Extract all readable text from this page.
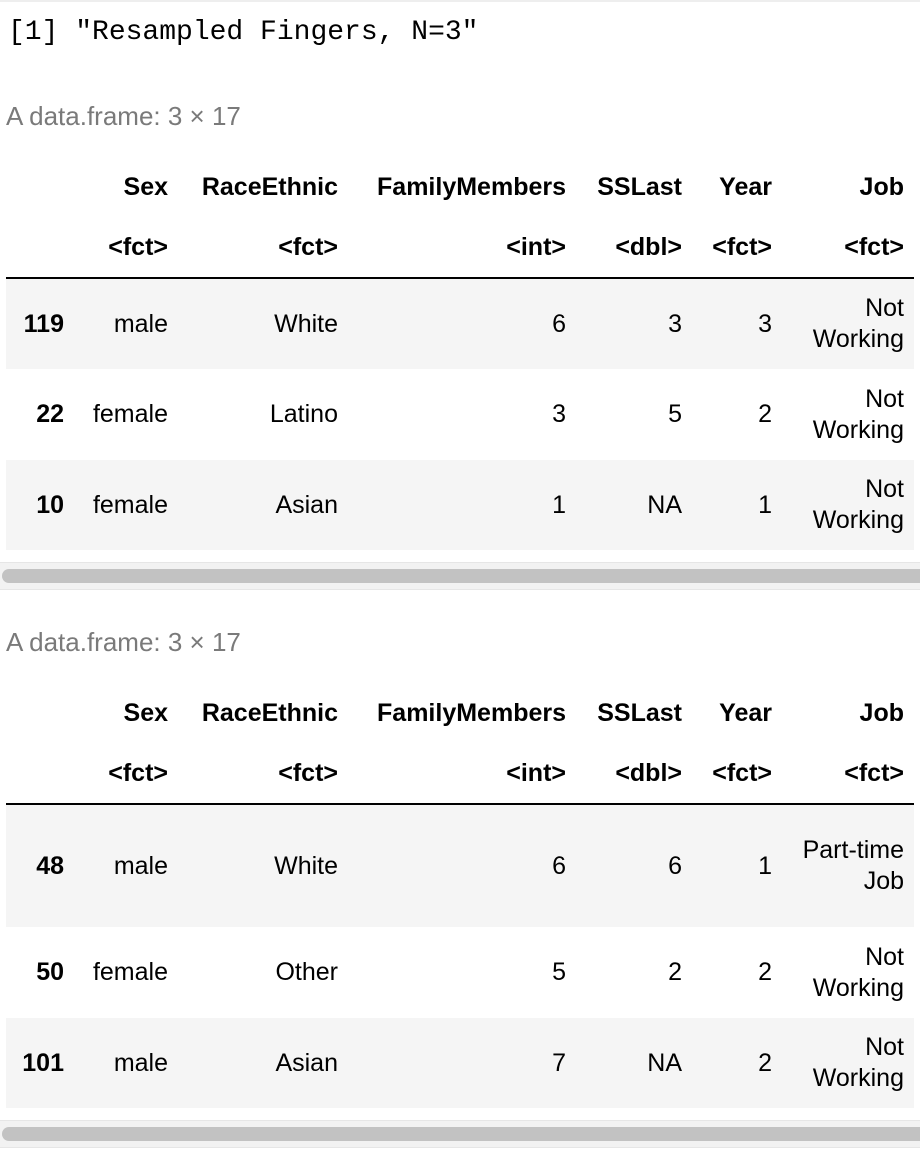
[1] "Resampled Fingers, N=3"
A data.frame: 3 × 17
	Sex	RaceEthnic	FamilyMembers	SSLast	Year	Job
	<fct>	<fct>	<int>	<dbl>	<fct>	<fct>
119	male	White	6	3	3	Not Working
22	female	Latino	3	5	2	Not Working
10	female	Asian	1	NA	1	Not Working
A data.frame: 3 × 17
	Sex	RaceEthnic	FamilyMembers	SSLast	Year	Job
	<fct>	<fct>	<int>	<dbl>	<fct>	<fct>
48	male	White	6	6	1	Part-time Job
50	female	Other	5	2	2	Not Working
101	male	Asian	7	NA	2	Not Working
